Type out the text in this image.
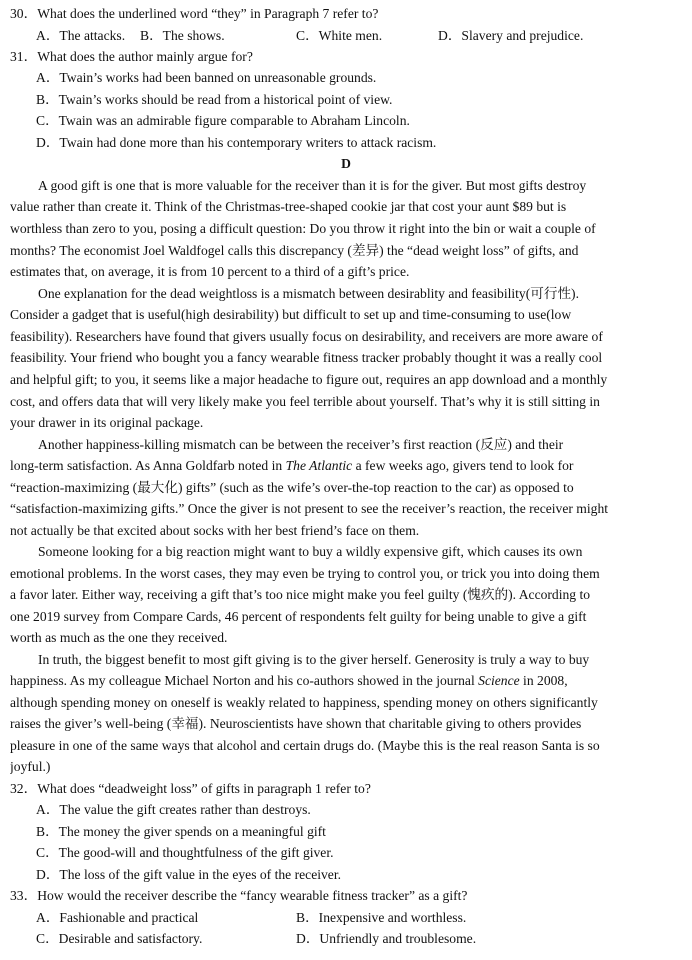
30．What does the underlined word “they” in Paragraph 7 refer to?
A．The attacks. B．The shows.	C．White men.	D．Slavery and prejudice.
31．What does the author mainly argue for?
A．Twain’s works had been banned on unreasonable grounds.
B．Twain’s works should be read from a historical point of view.
C．Twain was an admirable figure comparable to Abraham Lincoln.
D．Twain had done more than his contemporary writers to attack racism.
D
A good gift is one that is more valuable for the receiver than it is for the giver. But most gifts destroy
value rather than create it. Think of the Christmas-tree-shaped cookie jar that cost your aunt $89 but is
worthless than zero to you, posing a difficult question: Do you throw it right into the bin or wait a couple of
months? The economist Joel Waldfogel calls this discrepancy (差异) the “dead weight loss” of gifts, and
estimates that, on average, it is from 10 percent to a third of a gift’s price.
One explanation for the dead weightloss is a mismatch between desirablity and feasibility(可行性).
Consider a gadget that is useful(high desirability) but difficult to set up and time-consuming to use(low
feasibility). Researchers have found that givers usually focus on desirability, and receivers are more aware of
feasibility. Your friend who bought you a fancy wearable fitness tracker probably thought it was a really cool
and helpful gift; to you, it seems like a major headache to figure out, requires an app download and a monthly
cost, and offers data that will very likely make you feel terrible about yourself. That’s why it is still sitting in
your drawer in its original package.
Another happiness-killing mismatch can be between the receiver’s first reaction (反应) and their
long-term satisfaction. As Anna Goldfarb noted in The Atlantic a few weeks ago, givers tend to look for
“reaction-maximizing (最大化) gifts” (such as the wife’s over-the-top reaction to the car) as opposed to
“satisfaction-maximizing gifts.” Once the giver is not present to see the receiver’s reaction, the receiver might
not actually be that excited about socks with her best friend’s face on them.
Someone looking for a big reaction might want to buy a wildly expensive gift, which causes its own
emotional problems. In the worst cases, they may even be trying to control you, or trick you into doing them
a favor later. Either way, receiving a gift that’s too nice might make you feel guilty (愧疚的). According to
one 2019 survey from Compare Cards, 46 percent of respondents felt guilty for being unable to give a gift
worth as much as the one they received.
In truth, the biggest benefit to most gift giving is to the giver herself. Generosity is truly a way to buy
happiness. As my colleague Michael Norton and his co-authors showed in the journal Science in 2008,
although spending money on oneself is weakly related to happiness, spending money on others significantly
raises the giver’s well-being (幸福). Neuroscientists have shown that charitable giving to others provides
pleasure in one of the same ways that alcohol and certain drugs do. (Maybe this is the real reason Santa is so
joyful.)
32．What does “deadweight loss” of gifts in paragraph 1 refer to?
A．The value the gift creates rather than destroys.
B．The money the giver spends on a meaningful gift
C．The good-will and thoughtfulness of the gift giver.
D．The loss of the gift value in the eyes of the receiver.
33．How would the receiver describe the “fancy wearable fitness tracker” as a gift?
A．Fashionable and practical	B．Inexpensive and worthless.
C．Desirable and satisfactory.	D．Unfriendly and troublesome.
